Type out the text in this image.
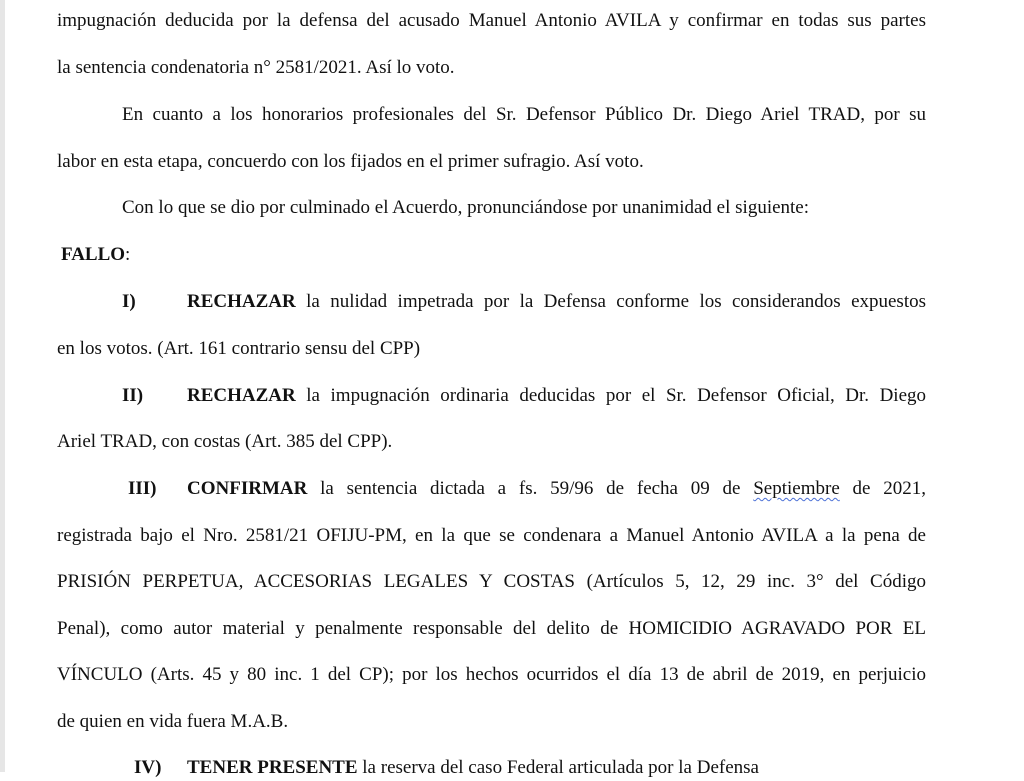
impugnación deducida por la defensa del acusado Manuel Antonio AVILA y confirmar en todas sus partes
la sentencia condenatoria n° 2581/2021. Así lo voto.
En cuanto a los honorarios profesionales del Sr. Defensor Público Dr. Diego Ariel TRAD, por su
labor en esta etapa, concuerdo con los fijados en el primer sufragio. Así voto.
Con lo que se dio por culminado el Acuerdo, pronunciándose por unanimidad el siguiente:
FALLO:
I)	RECHAZAR la nulidad impetrada por la Defensa conforme los considerandos expuestos
en los votos. (Art. 161 contrario sensu del CPP)
II) RECHAZAR la impugnación ordinaria deducidas por el Sr. Defensor Oficial, Dr. Diego
Ariel TRAD, con costas (Art. 385 del CPP).
III) CONFIRMAR la sentencia dictada a fs. 59/96 de fecha 09 de Septiembre de 2021,
registrada bajo el Nro. 2581/21 OFIJU-PM, en la que se condenara a Manuel Antonio AVILA a la pena de
PRISIÓN PERPETUA, ACCESORIAS LEGALES Y COSTAS (Artículos 5, 12, 29 inc. 3° del Código
Penal), como autor material y penalmente responsable del delito de HOMICIDIO AGRAVADO POR EL
VÍNCULO (Arts. 45 y 80 inc. 1 del CP); por los hechos ocurridos el día 13 de abril de 2019, en perjuicio
de quien en vida fuera M.A.B.
IV) TENER PRESENTE la reserva del caso Federal articulada por la Defensa
